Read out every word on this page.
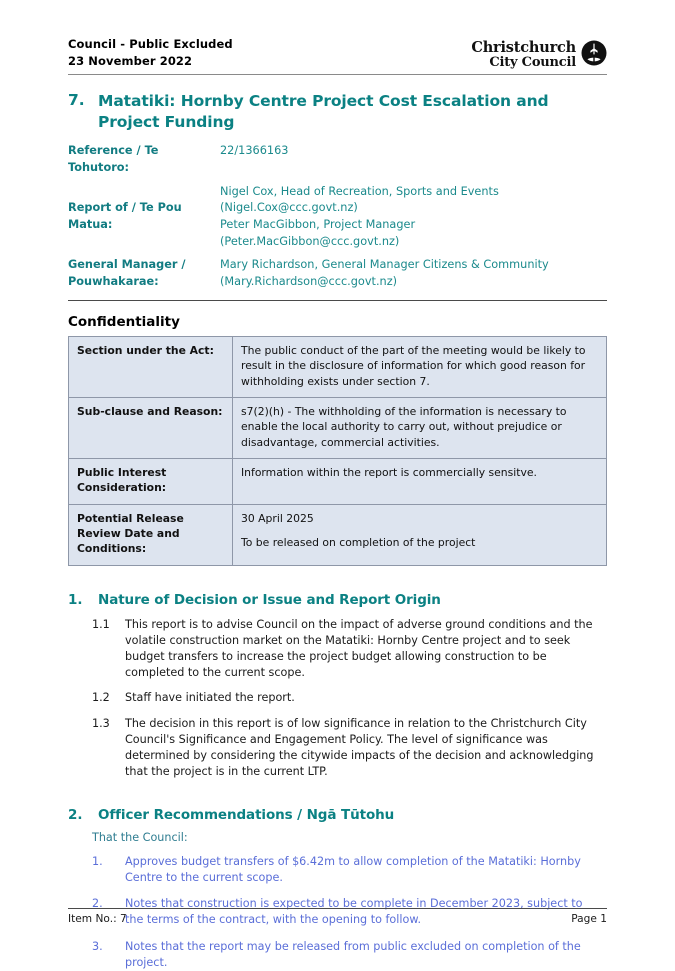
Council - Public Excluded
23 November 2022
Christchurch
City Council
7. Matatiki: Hornby Centre Project Cost Escalation and Project Funding
Reference / Te Tohutoro:
22/1366163
Report of / Te Pou Matua:
Nigel Cox, Head of Recreation, Sports and Events
(Nigel.Cox@ccc.govt.nz)
Peter MacGibbon, Project Manager
(Peter.MacGibbon@ccc.govt.nz)
General Manager / Pouwhakarae:
Mary Richardson, General Manager Citizens & Community
(Mary.Richardson@ccc.govt.nz)
Confidentiality
Section under the Act:	The public conduct of the part of the meeting would be likely to result in the disclosure of information for which good reason for withholding exists under section 7.

Sub-clause and Reason:	s7(2)(h) - The withholding of the information is necessary to enable the local authority to carry out, without prejudice or disadvantage, commercial activities.

Public Interest Consideration:	Information within the report is commercially sensitve.

Potential Release Review Date and Conditions:	30 April 2025

To be released on completion of the project

1.	Nature of Decision or Issue and Report Origin
1.1	This report is to advise Council on the impact of adverse ground conditions and the volatile construction market on the Matatiki: Hornby Centre project and to seek budget transfers to increase the project budget allowing construction to be completed to the current scope.
1.2	Staff have initiated the report.
1.3	The decision in this report is of low significance in relation to the Christchurch City Council's Significance and Engagement Policy. The level of significance was determined by considering the citywide impacts of the decision and acknowledging that the project is in the current LTP.
2.	Officer Recommendations / Ngā Tūtohu
That the Council:
1.	Approves budget transfers of $6.42m to allow completion of the Matatiki: Hornby Centre to the current scope.
2.	Notes that construction is expected to be complete in December 2023, subject to the terms of the contract, with the opening to follow.
3.	Notes that the report may be released from public excluded on completion of the project.
Item No.: 7	Page 1
